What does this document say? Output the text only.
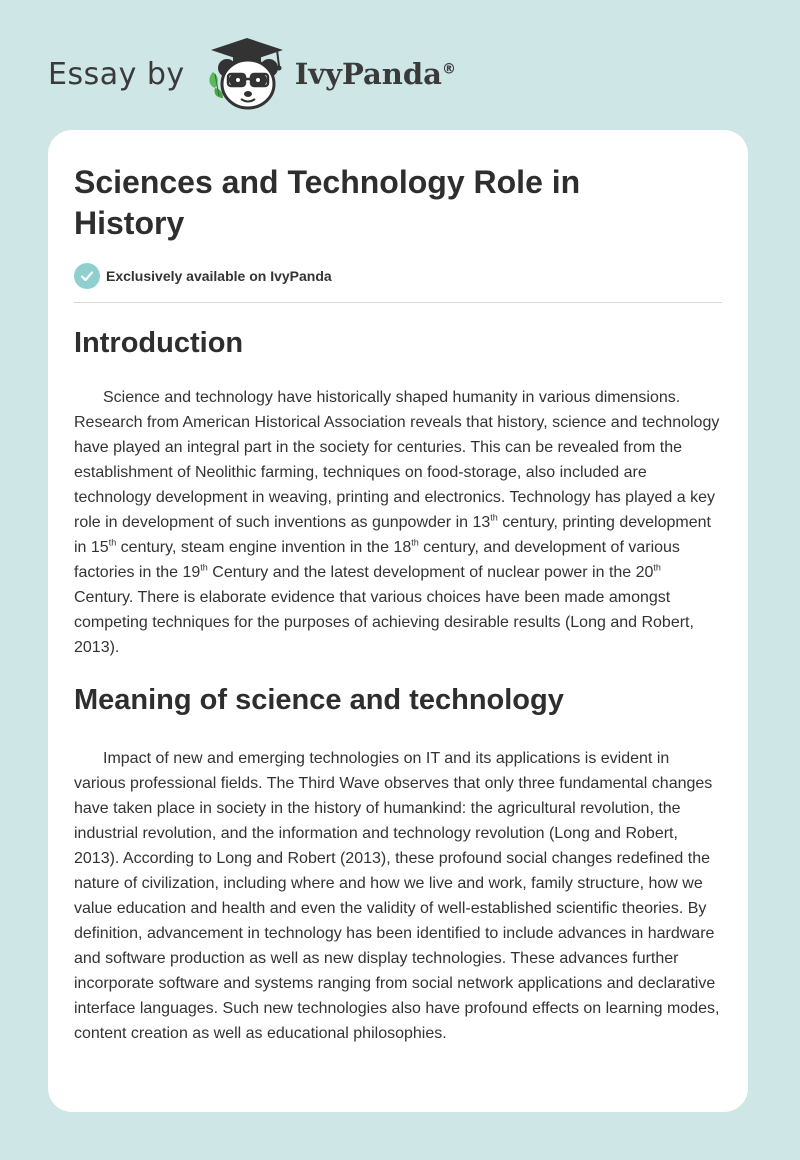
Essay by	IvyPanda®
Sciences and Technology Role in
History
Exclusively available on IvyPanda
Introduction

Science and technology have historically shaped humanity in various dimensions. Research from American Historical Association reveals that history, science and technology have played an integral part in the society for centuries. This can be revealed from the establishment of Neolithic farming, techniques on food-storage, also included are technology development in weaving, printing and electronics. Technology has played a key role in development of such inventions as gunpowder in 13th century, printing development in 15th century, steam engine invention in the 18th century, and development of various factories in the 19th Century and the latest development of nuclear power in the 20th Century. There is elaborate evidence that various choices have been made amongst competing techniques for the purposes of achieving desirable results (Long and Robert, 2013).

Meaning of science and technology

Impact of new and emerging technologies on IT and its applications is evident in various professional fields. The Third Wave observes that only three fundamental changes have taken place in society in the history of humankind: the agricultural revolution, the industrial revolution, and the information and technology revolution (Long and Robert, 2013). According to Long and Robert (2013), these profound social changes redefined the nature of civilization, including where and how we live and work, family structure, how we value education and health and even the validity of well-established scientific theories. By definition, advancement in technology has been identified to include advances in hardware and software production as well as new display technologies. These advances further incorporate software and systems ranging from social network applications and declarative interface languages. Such new technologies also have profound effects on learning modes, content creation as well as educational philosophies.
